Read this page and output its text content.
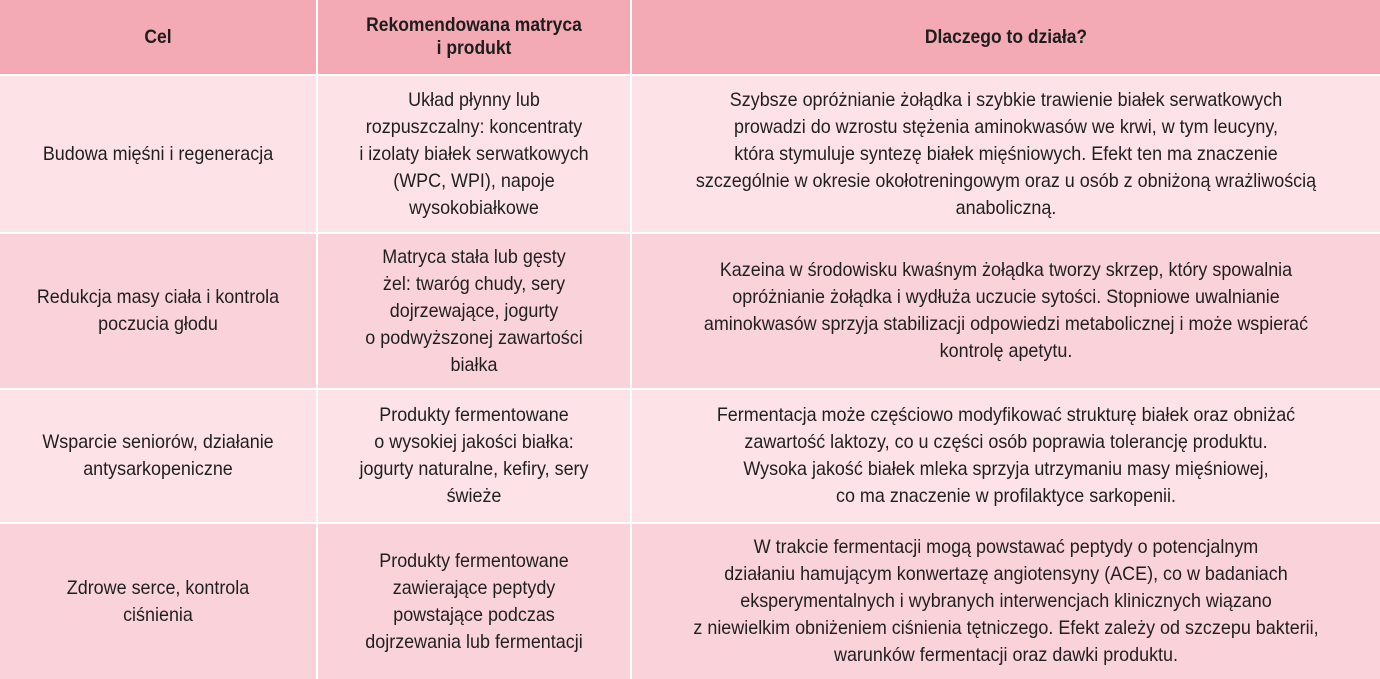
Cel
Rekomendowana matryca
i produkt
Dlaczego to działa?
Budowa mięśni i regeneracja
Układ płynny lub
rozpuszczalny: koncentraty
i izolaty białek serwatkowych
(WPC, WPI), napoje
wysokobiałkowe
Szybsze opróżnianie żołądka i szybkie trawienie białek serwatkowych
prowadzi do wzrostu stężenia aminokwasów we krwi, w tym leucyny,
która stymuluje syntezę białek mięśniowych. Efekt ten ma znaczenie
szczególnie w okresie okołotreningowym oraz u osób z obniżoną wrażliwością
anaboliczną.
Redukcja masy ciała i kontrola
poczucia głodu
Matryca stała lub gęsty
żel: twaróg chudy, sery
dojrzewające, jogurty
o podwyższonej zawartości
białka
Kazeina w środowisku kwaśnym żołądka tworzy skrzep, który spowalnia
opróżnianie żołądka i wydłuża uczucie sytości. Stopniowe uwalnianie
aminokwasów sprzyja stabilizacji odpowiedzi metabolicznej i może wspierać
kontrolę apetytu.
Wsparcie seniorów, działanie
antysarkopeniczne
Produkty fermentowane
o wysokiej jakości białka:
jogurty naturalne, kefiry, sery
świeże
Fermentacja może częściowo modyfikować strukturę białek oraz obniżać
zawartość laktozy, co u części osób poprawia tolerancję produktu.
Wysoka jakość białek mleka sprzyja utrzymaniu masy mięśniowej,
co ma znaczenie w profilaktyce sarkopenii.
Zdrowe serce, kontrola
ciśnienia
Produkty fermentowane
zawierające peptydy
powstające podczas
dojrzewania lub fermentacji
W trakcie fermentacji mogą powstawać peptydy o potencjalnym
działaniu hamującym konwertazę angiotensyny (ACE), co w badaniach
eksperymentalnych i wybranych interwencjach klinicznych wiązano
z niewielkim obniżeniem ciśnienia tętniczego. Efekt zależy od szczepu bakterii,
warunków fermentacji oraz dawki produktu.
